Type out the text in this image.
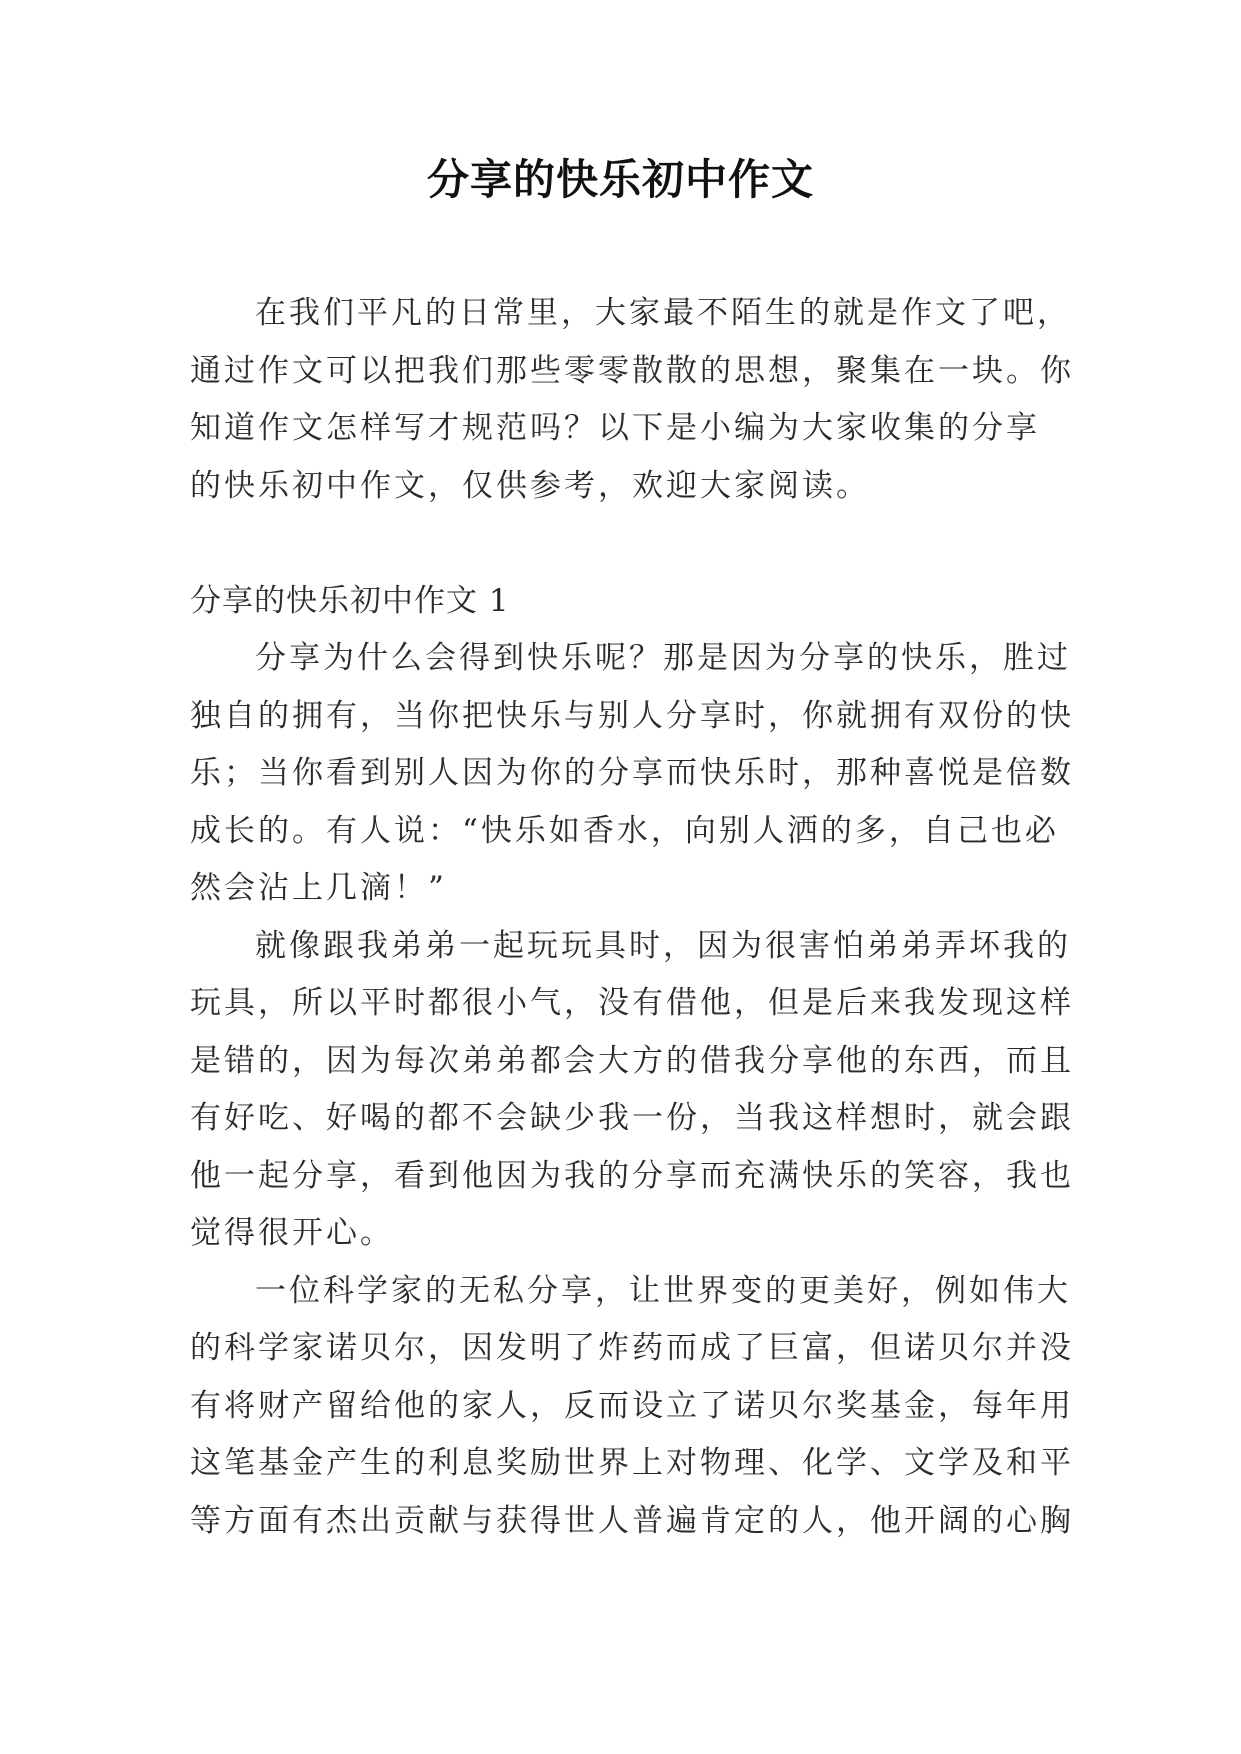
分享的快乐初中作文
在我们平凡的日常里，大家最不陌生的就是作文了吧，
通过作文可以把我们那些零零散散的思想，聚集在一块。你
知道作文怎样写才规范吗？以下是小编为大家收集的分享
的快乐初中作文，仅供参考，欢迎大家阅读。
分享的快乐初中作文 1
分享为什么会得到快乐呢？那是因为分享的快乐，胜过
独自的拥有，当你把快乐与别人分享时，你就拥有双份的快
乐；当你看到别人因为你的分享而快乐时，那种喜悦是倍数
成长的。有人说：“快乐如香水，向别人洒的多，自己也必
然会沾上几滴！”
就像跟我弟弟一起玩玩具时，因为很害怕弟弟弄坏我的
玩具，所以平时都很小气，没有借他，但是后来我发现这样
是错的，因为每次弟弟都会大方的借我分享他的东西，而且
有好吃、好喝的都不会缺少我一份，当我这样想时，就会跟
他一起分享，看到他因为我的分享而充满快乐的笑容，我也
觉得很开心。
一位科学家的无私分享，让世界变的更美好，例如伟大
的科学家诺贝尔，因发明了炸药而成了巨富，但诺贝尔并没
有将财产留给他的家人，反而设立了诺贝尔奖基金，每年用
这笔基金产生的利息奖励世界上对物理、化学、文学及和平
等方面有杰出贡献与获得世人普遍肯定的人，他开阔的心胸
